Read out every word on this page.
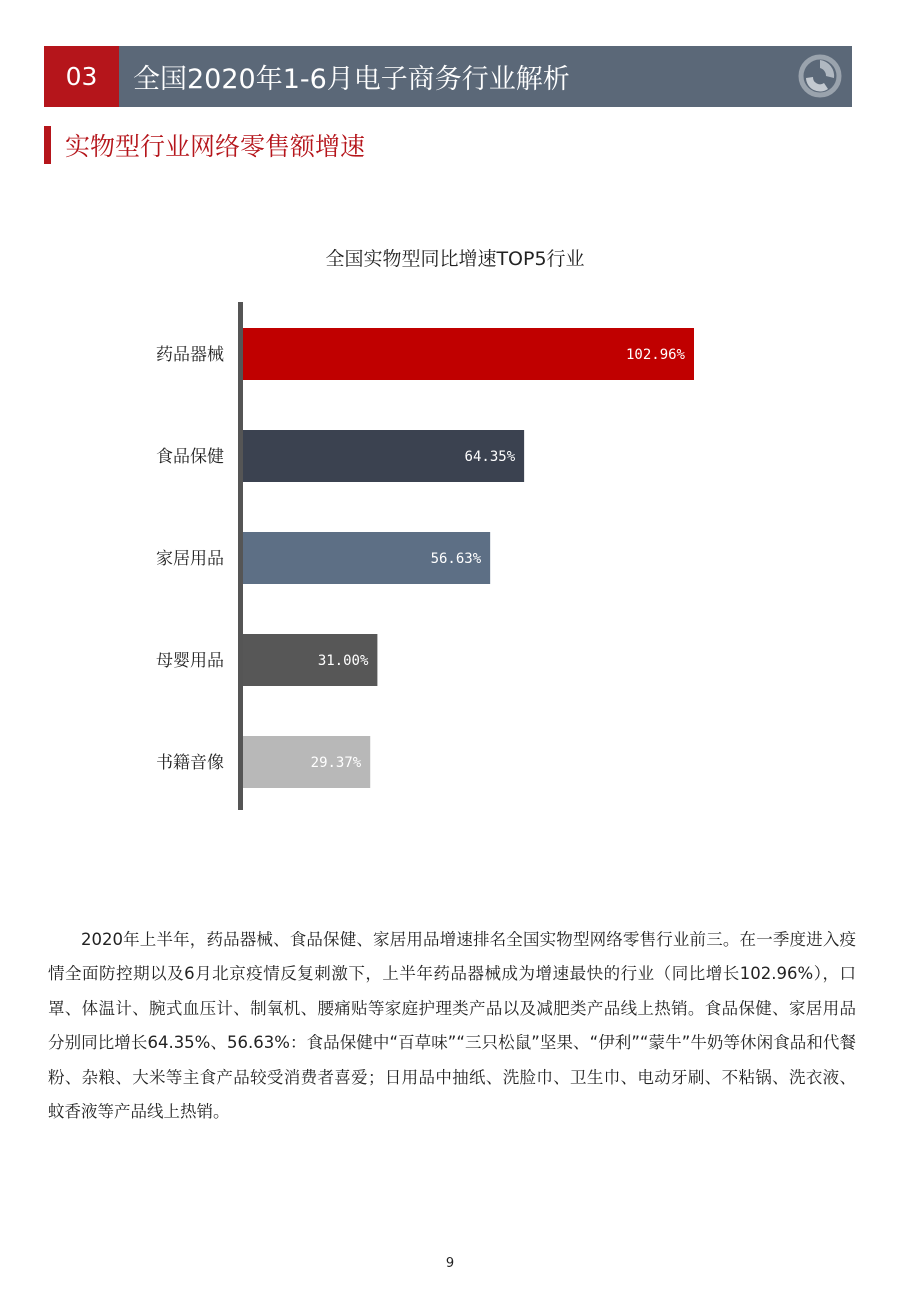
03	全国2020年1-6月电子商务行业解析
实物型行业网络零售额增速
全国实物型同比增速TOP5行业
药品器械	102.96%
食品保健	64.35%
家居用品	56.63%
母婴用品	31.00%
书籍音像	29.37%

2020年上半年，药品器械、食品保健、家居用品增速排名全国实物型网络零售行业前三。在一季度进入疫情全面防控期以及6月北京疫情反复刺激下，上半年药品器械成为增速最快的行业（同比增长102.96%），口罩、体温计、腕式血压计、制氧机、腰痛贴等家庭护理类产品以及减肥类产品线上热销。食品保健、家居用品分别同比增长64.35%、56.63%：食品保健中“百草味”“三只松鼠”坚果、“伊利”“蒙牛”牛奶等休闲食品和代餐粉、杂粮、大米等主食产品较受消费者喜爱；日用品中抽纸、洗脸巾、卫生巾、电动牙刷、不粘锅、洗衣液、蚊香液等产品线上热销。

9
